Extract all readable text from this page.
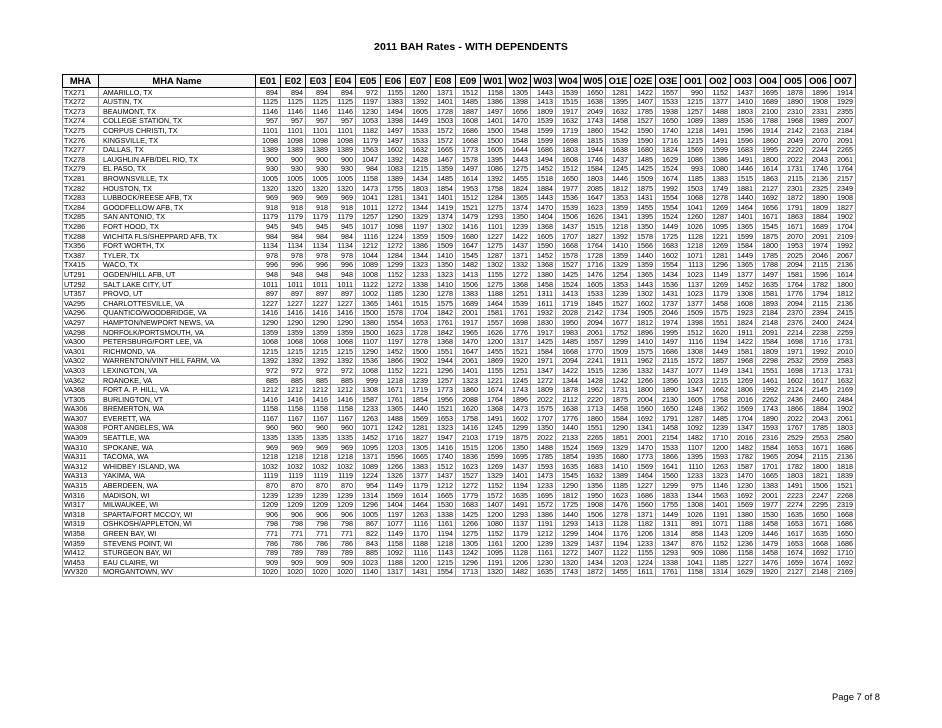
2011 BAH Rates - WITH DEPENDENTS
MHA	MHA Name	E01	E02	E03	E04	E05	E06	E07	E08	E09	W01	W02	W03	W04	W05	O1E	O2E	O3E	O01	O02	O03	O04	O05	O06	O07
TX271	AMARILLO, TX	894	894	894	894	972	1155	1260	1371	1512	1158	1305	1443	1539	1650	1281	1422	1557	990	1152	1437	1695	1878	1896	1914
TX272	AUSTIN, TX	1125	1125	1125	1125	1197	1383	1392	1401	1485	1386	1398	1413	1515	1638	1395	1407	1533	1215	1377	1410	1689	1890	1908	1929
TX273	BEAUMONT, TX	1146	1146	1146	1146	1230	1494	1605	1728	1887	1497	1656	1809	1917	2049	1632	1785	1938	1257	1488	1803	2100	2310	2331	2355
TX274	COLLEGE STATION, TX	957	957	957	957	1053	1398	1449	1503	1608	1401	1470	1539	1632	1743	1458	1527	1650	1089	1389	1536	1788	1968	1989	2007
TX275	CORPUS CHRISTI, TX	1101	1101	1101	1101	1182	1497	1533	1572	1686	1500	1548	1599	1719	1860	1542	1590	1740	1218	1491	1596	1914	2142	2163	2184
TX276	KINGSVILLE, TX	1098	1098	1098	1098	1179	1497	1533	1572	1668	1500	1548	1599	1698	1815	1539	1590	1716	1215	1491	1596	1860	2049	2070	2091
TX277	DALLAS, TX	1389	1389	1389	1389	1563	1602	1632	1665	1773	1605	1644	1686	1803	1944	1638	1680	1824	1569	1599	1683	1995	2220	2244	2265
TX278	LAUGHLIN AFB/DEL RIO, TX	900	900	900	900	1047	1392	1428	1467	1578	1395	1443	1494	1608	1746	1437	1485	1629	1086	1386	1491	1800	2022	2043	2061
TX279	EL PASO, TX	930	930	930	930	984	1083	1215	1359	1497	1086	1275	1452	1512	1584	1245	1425	1524	993	1080	1446	1614	1731	1746	1764
TX281	BROWNSVILLE, TX	1005	1005	1005	1005	1158	1389	1434	1485	1614	1392	1455	1518	1650	1803	1446	1509	1674	1185	1383	1515	1863	2115	2136	2157
TX282	HOUSTON, TX	1320	1320	1320	1320	1473	1755	1803	1854	1953	1758	1824	1884	1977	2085	1812	1875	1992	1503	1749	1881	2127	2301	2325	2349
TX283	LUBBOCK/REESE AFB, TX	969	969	969	969	1041	1281	1341	1401	1512	1284	1365	1443	1536	1647	1353	1431	1554	1068	1278	1440	1692	1872	1890	1908
TX284	GOODFELLOW AFB, TX	918	918	918	918	1011	1272	1344	1419	1521	1275	1374	1470	1539	1623	1359	1455	1554	1041	1269	1464	1656	1791	1809	1827
TX285	SAN ANTONIO, TX	1179	1179	1179	1179	1257	1290	1329	1374	1479	1293	1350	1404	1506	1626	1341	1395	1524	1260	1287	1401	1671	1863	1884	1902
TX286	FORT HOOD, TX	945	945	945	945	1017	1098	1197	1302	1416	1101	1239	1368	1437	1515	1218	1350	1449	1026	1095	1365	1545	1671	1689	1704
TX288	WICHITA FLS/SHEPPARD AFB, TX	984	984	984	984	1116	1224	1359	1509	1680	1227	1422	1605	1707	1827	1392	1578	1725	1128	1221	1599	1875	2070	2091	2109
TX356	FORT WORTH, TX	1134	1134	1134	1134	1212	1272	1386	1509	1647	1275	1437	1590	1668	1764	1410	1566	1683	1218	1269	1584	1800	1953	1974	1992
TX387	TYLER, TX	978	978	978	978	1044	1284	1344	1410	1545	1287	1371	1452	1578	1728	1359	1440	1602	1071	1281	1449	1785	2025	2046	2067
TX415	WACO, TX	996	996	996	996	1089	1299	1323	1350	1482	1302	1332	1368	1527	1716	1329	1359	1554	1113	1296	1365	1788	2094	2115	2136
UT291	OGDEN/HILL AFB, UT	948	948	948	948	1008	1152	1233	1323	1413	1155	1272	1380	1425	1476	1254	1365	1434	1023	1149	1377	1497	1581	1596	1614
UT292	SALT LAKE CITY, UT	1011	1011	1011	1011	1122	1272	1338	1410	1506	1275	1368	1458	1524	1605	1353	1443	1536	1137	1269	1452	1635	1764	1782	1800
UT357	PROVO, UT	897	897	897	897	1002	1185	1230	1278	1383	1188	1251	1311	1413	1533	1239	1302	1431	1023	1179	1308	1581	1776	1794	1812
VA295	CHARLOTTESVILLE, VA	1227	1227	1227	1227	1365	1461	1515	1575	1689	1464	1539	1611	1719	1845	1527	1602	1737	1377	1458	1608	1893	2094	2115	2136
VA296	QUANTICO/WOODBRIDGE, VA	1416	1416	1416	1416	1500	1578	1704	1842	2001	1581	1761	1932	2028	2142	1734	1905	2046	1509	1575	1923	2184	2370	2394	2415
VA297	HAMPTON/NEWPORT NEWS, VA	1290	1290	1290	1290	1380	1554	1653	1761	1917	1557	1698	1830	1950	2094	1677	1812	1974	1398	1551	1824	2148	2376	2400	2424
VA298	NORFOLK/PORTSMOUTH, VA	1359	1359	1359	1359	1500	1623	1728	1842	1965	1626	1776	1917	1983	2061	1752	1896	1995	1512	1620	1911	2091	2214	2238	2259
VA300	PETERSBURG/FORT LEE, VA	1068	1068	1068	1068	1107	1197	1278	1368	1470	1200	1317	1425	1485	1557	1299	1410	1497	1116	1194	1422	1584	1698	1716	1731
VA301	RICHMOND, VA	1215	1215	1215	1215	1290	1452	1500	1551	1647	1455	1521	1584	1668	1770	1509	1575	1686	1308	1449	1581	1809	1971	1992	2010
VA302	WARRENTON/VINT HILL FARM, VA	1392	1392	1392	1392	1536	1866	1902	1944	2061	1869	1920	1971	2094	2241	1911	1962	2115	1572	1857	1968	2298	2532	2559	2583
VA303	LEXINGTON, VA	972	972	972	972	1068	1152	1221	1296	1401	1155	1251	1347	1422	1515	1236	1332	1437	1077	1149	1341	1551	1698	1713	1731
VA362	ROANOKE, VA	885	885	885	885	999	1218	1239	1257	1323	1221	1245	1272	1344	1428	1242	1266	1356	1023	1215	1269	1461	1602	1617	1632
VA368	FORT A. P. HILL, VA	1212	1212	1212	1212	1308	1671	1719	1773	1860	1674	1743	1809	1878	1962	1731	1800	1890	1347	1662	1806	1992	2124	2145	2169
VT305	BURLINGTON, VT	1416	1416	1416	1416	1587	1761	1854	1956	2088	1764	1896	2022	2112	2220	1875	2004	2130	1605	1758	2016	2262	2436	2460	2484
WA306	BREMERTON, WA	1158	1158	1158	1158	1233	1365	1440	1521	1620	1368	1473	1575	1638	1713	1458	1560	1650	1248	1362	1569	1743	1866	1884	1902
WA307	EVERETT, WA	1167	1167	1167	1167	1263	1488	1569	1653	1758	1491	1602	1707	1776	1860	1584	1692	1791	1287	1485	1704	1890	2022	2043	2061
WA308	PORT ANGELES, WA	960	960	960	960	1071	1242	1281	1323	1416	1245	1299	1350	1440	1551	1290	1341	1458	1092	1239	1347	1593	1767	1785	1803
WA309	SEATTLE, WA	1335	1335	1335	1335	1452	1716	1827	1947	2103	1719	1875	2022	2133	2265	1851	2001	2154	1482	1710	2016	2316	2529	2553	2580
WA310	SPOKANE, WA	969	969	969	969	1095	1203	1305	1416	1515	1206	1350	1488	1524	1569	1329	1470	1533	1107	1200	1482	1584	1653	1671	1686
WA311	TACOMA, WA	1218	1218	1218	1218	1371	1596	1665	1740	1836	1599	1695	1785	1854	1935	1680	1773	1866	1395	1593	1782	1965	2094	2115	2136
WA312	WHIDBEY ISLAND, WA	1032	1032	1032	1032	1089	1266	1383	1512	1623	1269	1437	1593	1635	1683	1410	1569	1641	1110	1263	1587	1701	1782	1800	1818
WA313	YAKIMA, WA	1119	1119	1119	1119	1224	1326	1377	1437	1527	1329	1401	1473	1545	1632	1389	1464	1560	1233	1323	1470	1665	1803	1821	1839
WA315	ABERDEEN, WA	870	870	870	870	954	1149	1179	1212	1272	1152	1194	1233	1290	1356	1185	1227	1299	975	1146	1230	1383	1491	1506	1521
WI316	MADISON, WI	1239	1239	1239	1239	1314	1569	1614	1665	1779	1572	1635	1695	1812	1950	1623	1686	1833	1344	1563	1692	2001	2223	2247	2268
WI317	MILWAUKEE, WI	1209	1209	1209	1209	1296	1404	1464	1530	1683	1407	1491	1572	1725	1908	1476	1560	1755	1308	1401	1569	1977	2274	2295	2319
WI318	SPARTA/FORT MCCOY, WI	906	906	906	906	1005	1197	1263	1338	1425	1200	1293	1386	1440	1506	1278	1371	1449	1026	1191	1380	1530	1635	1650	1668
WI319	OSHKOSH/APPLETON, WI	798	798	798	798	867	1077	1116	1161	1266	1080	1137	1191	1293	1413	1128	1182	1311	891	1071	1188	1458	1653	1671	1686
WI358	GREEN BAY, WI	771	771	771	771	822	1149	1170	1194	1275	1152	1179	1212	1299	1404	1176	1206	1314	858	1143	1209	1446	1617	1635	1650
WI359	STEVENS POINT, WI	786	786	786	786	843	1158	1188	1218	1305	1161	1200	1239	1329	1437	1194	1233	1347	876	1152	1236	1479	1653	1668	1686
WI412	STURGEON BAY, WI	789	789	789	789	885	1092	1116	1143	1242	1095	1128	1161	1272	1407	1122	1155	1293	909	1086	1158	1458	1674	1692	1710
WI453	EAU CLAIRE, WI	909	909	909	909	1023	1188	1200	1215	1296	1191	1206	1230	1320	1434	1203	1224	1338	1041	1185	1227	1476	1659	1674	1692
WV320	MORGANTOWN, WV	1020	1020	1020	1020	1140	1317	1431	1554	1713	1320	1482	1635	1743	1872	1455	1611	1761	1158	1314	1629	1920	2127	2148	2169
Page 7 of 8
